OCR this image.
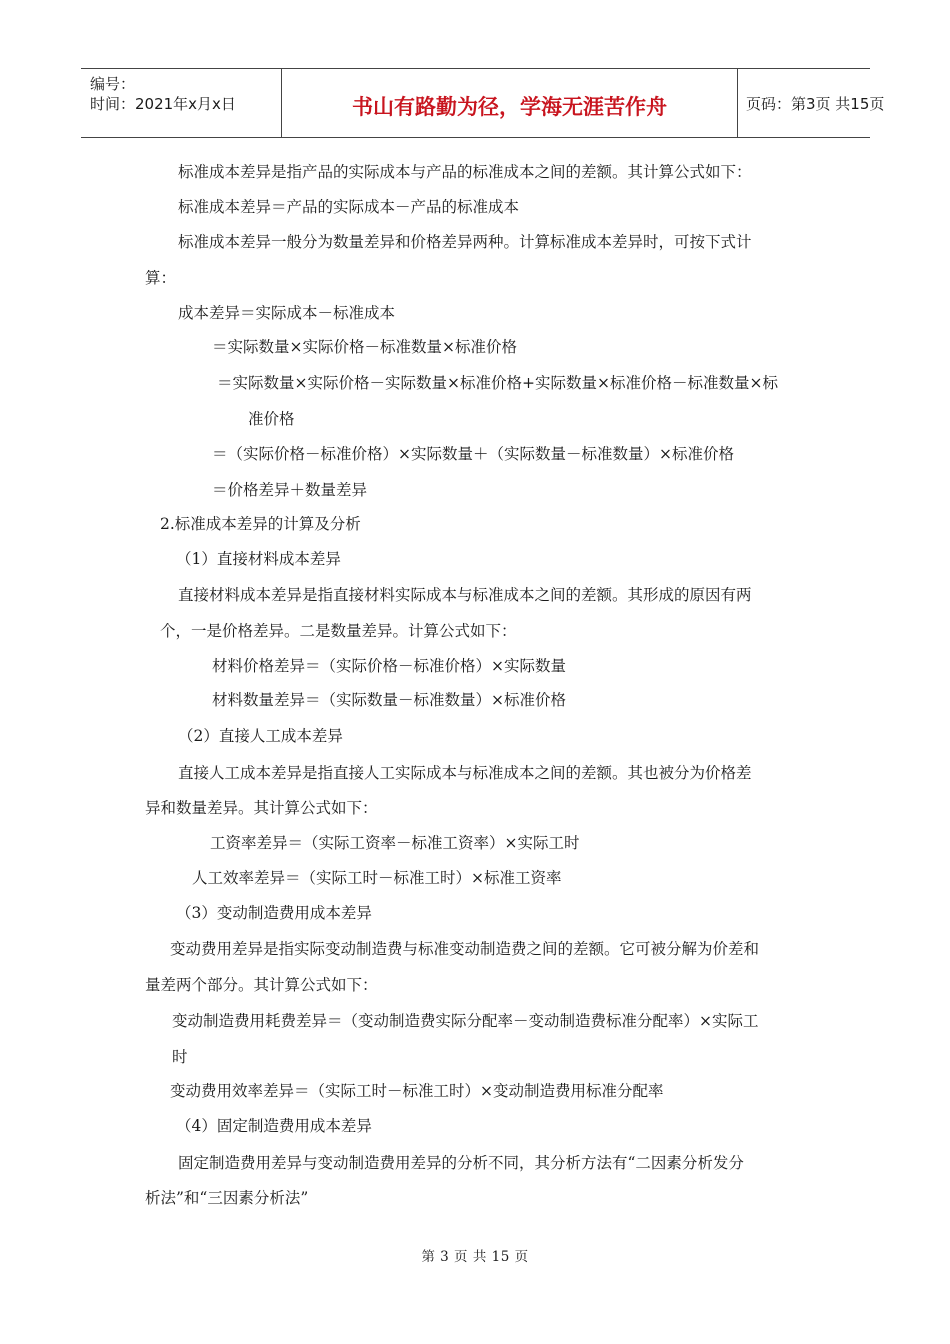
编号：
时间：2021年x月x日	书山有路勤为径，学海无涯苦作舟	页码：第3页 共15页
标准成本差异是指产品的实际成本与产品的标准成本之间的差额。其计算公式如下：
标准成本差异＝产品的实际成本－产品的标准成本
标准成本差异一般分为数量差异和价格差异两种。计算标准成本差异时，可按下式计
算：
成本差异＝实际成本－标准成本
＝实际数量×实际价格－标准数量×标准价格
＝实际数量×实际价格－实际数量×标准价格+实际数量×标准价格－标准数量×标
准价格
＝（实际价格－标准价格）×实际数量＋（实际数量－标准数量）×标准价格
＝价格差异＋数量差异
2.标准成本差异的计算及分析
（1）直接材料成本差异
直接材料成本差异是指直接材料实际成本与标准成本之间的差额。其形成的原因有两
个，一是价格差异。二是数量差异。计算公式如下：
材料价格差异＝（实际价格－标准价格）×实际数量
材料数量差异＝（实际数量－标准数量）×标准价格
（2）直接人工成本差异
直接人工成本差异是指直接人工实际成本与标准成本之间的差额。其也被分为价格差
异和数量差异。其计算公式如下：
工资率差异＝（实际工资率－标准工资率）×实际工时
人工效率差异＝（实际工时－标准工时）×标准工资率
（3）变动制造费用成本差异
变动费用差异是指实际变动制造费与标准变动制造费之间的差额。它可被分解为价差和
量差两个部分。其计算公式如下：
变动制造费用耗费差异＝（变动制造费实际分配率－变动制造费标准分配率）×实际工
时
变动费用效率差异＝（实际工时－标准工时）×变动制造费用标准分配率
（4）固定制造费用成本差异
固定制造费用差异与变动制造费用差异的分析不同，其分析方法有“二因素分析发分
析法”和“三因素分析法”
第 3 页 共 15 页
